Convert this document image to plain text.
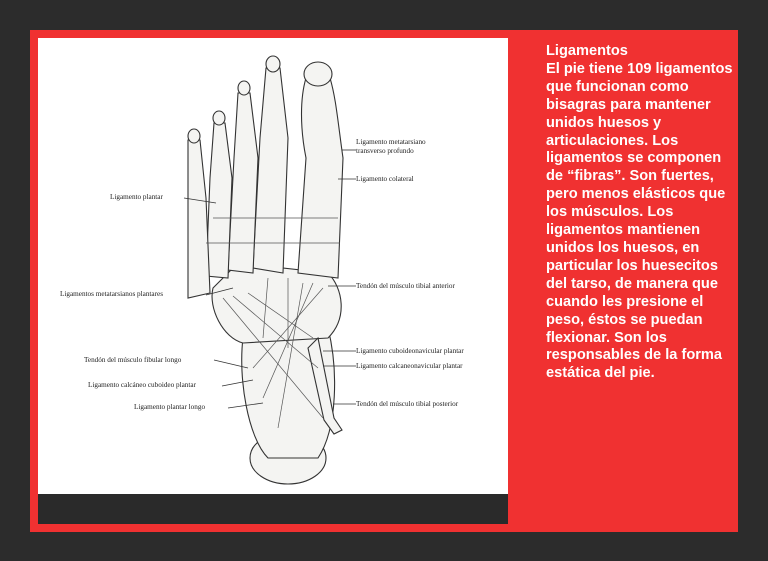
Ligamento metatarsiano
transverso profundo
Ligamento colateral
Ligamento plantar
Tendón del músculo tibial anterior
Ligamentos metatarsianos plantares
Ligamento cuboideonavicular plantar
Tendón del músculo fibular longo
Ligamento calcaneonavicular plantar
Ligamento calcáneo cuboideo plantar
Tendón del músculo tibial posterior
Ligamento plantar longo
Ligamentos
El pie tiene 109 ligamentos que funcionan como bisagras para mantener unidos huesos y articulaciones. Los ligamentos se componen de “fibras”. Son fuertes, pero menos elásticos que los músculos. Los ligamentos mantienen unidos los huesos, en particular los huesecitos del tarso, de manera que cuando les presione el peso, éstos se puedan flexionar. Son los responsables de la forma estática del pie.
